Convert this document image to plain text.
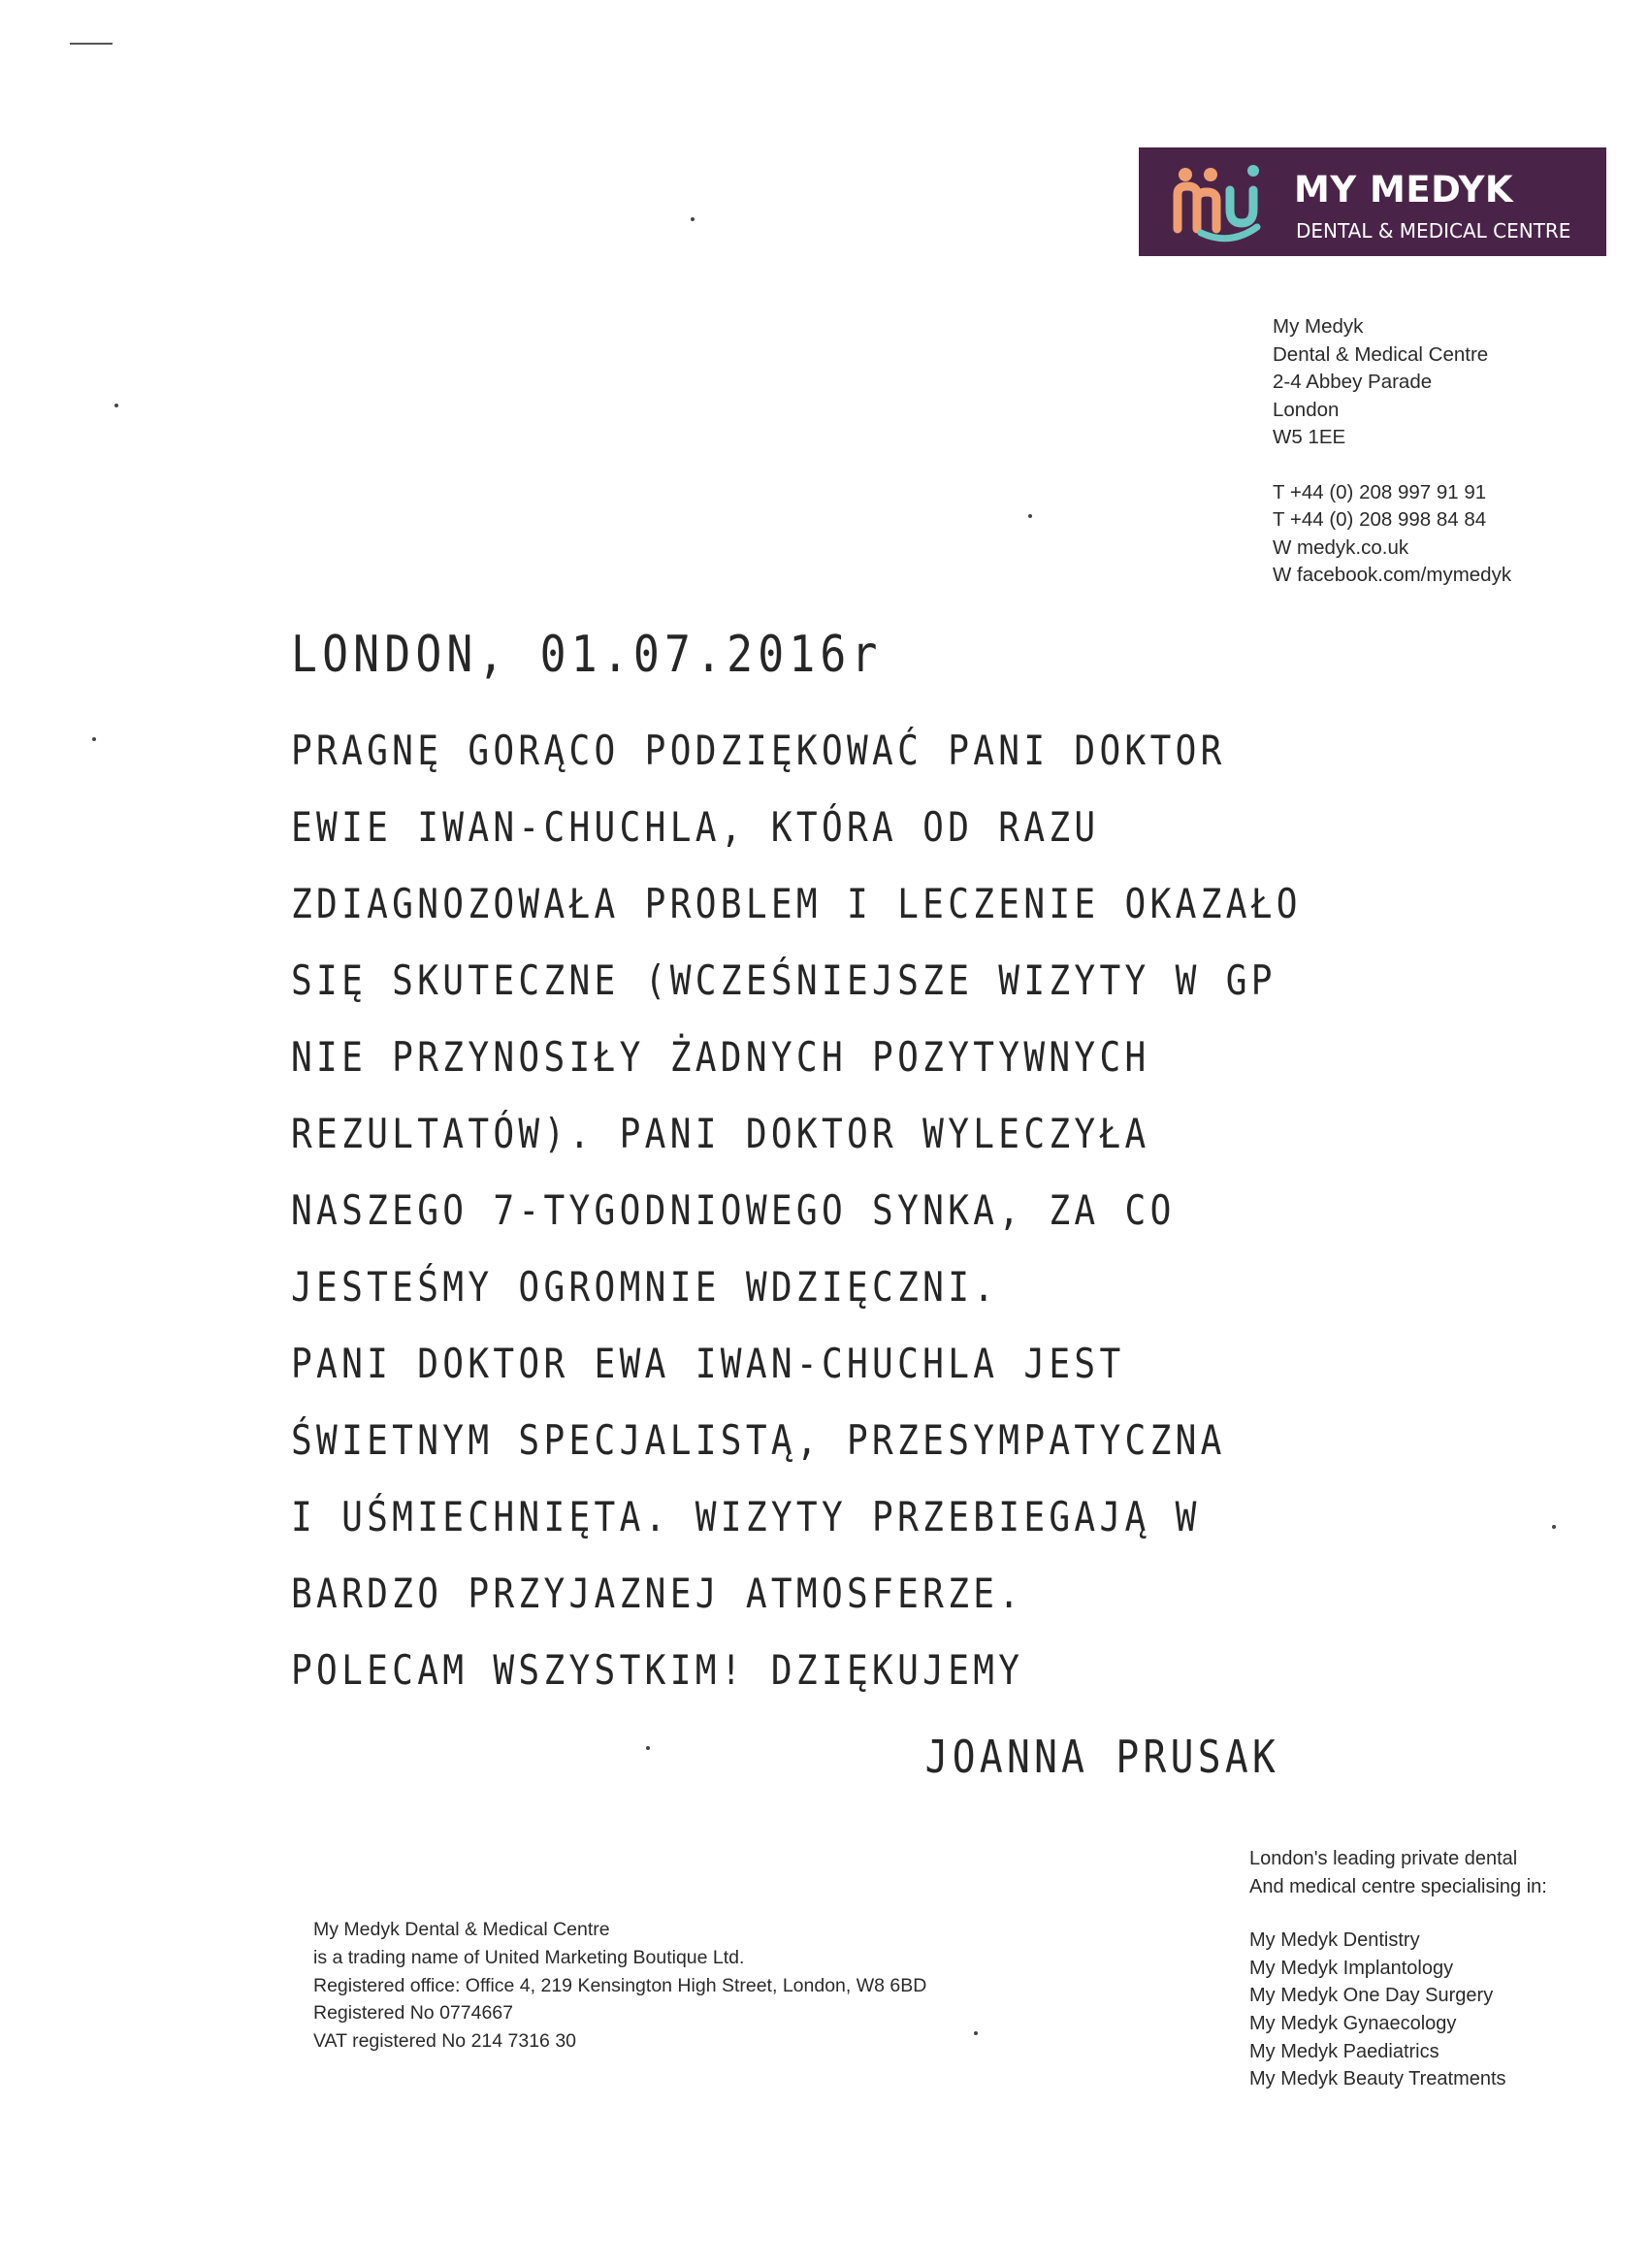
MY MEDYK
DENTAL & MEDICAL CENTRE
My Medyk
Dental & Medical Centre
2-4 Abbey Parade
London
W5 1EE
T +44 (0) 208 997 91 91
T +44 (0) 208 998 84 84
W medyk.co.uk
W facebook.com/mymedyk
LONDON, 01.07.2016r
PRAGNĘ GORĄCO PODZIĘKOWAĆ PANI DOKTOR
EWIE IWAN-CHUCHLA, KTÓRA OD RAZU
ZDIAGNOZOWAŁA PROBLEM I LECZENIE OKAZAŁO
SIĘ SKUTECZNE (WCZEŚNIEJSZE WIZYTY W GP
NIE PRZYNOSIŁY ŻADNYCH POZYTYWNYCH
REZULTATÓW). PANI DOKTOR WYLECZYŁA
NASZEGO 7-TYGODNIOWEGO SYNKA, ZA CO
JESTEŚMY OGROMNIE WDZIĘCZNI.
PANI DOKTOR EWA IWAN-CHUCHLA JEST
ŚWIETNYM SPECJALISTĄ, PRZESYMPATYCZNA
I UŚMIECHNIĘTA. WIZYTY PRZEBIEGAJĄ W
BARDZO PRZYJAZNEJ ATMOSFERZE.
POLECAM WSZYSTKIM! DZIĘKUJEMY
JOANNA PRUSAK
My Medyk Dental & Medical Centre
is a trading name of United Marketing Boutique Ltd.
Registered office: Office 4, 219 Kensington High Street, London, W8 6BD
Registered No 0774667
VAT registered No 214 7316 30
London's leading private dental
And medical centre specialising in:
My Medyk Dentistry
My Medyk Implantology
My Medyk One Day Surgery
My Medyk Gynaecology
My Medyk Paediatrics
My Medyk Beauty Treatments
